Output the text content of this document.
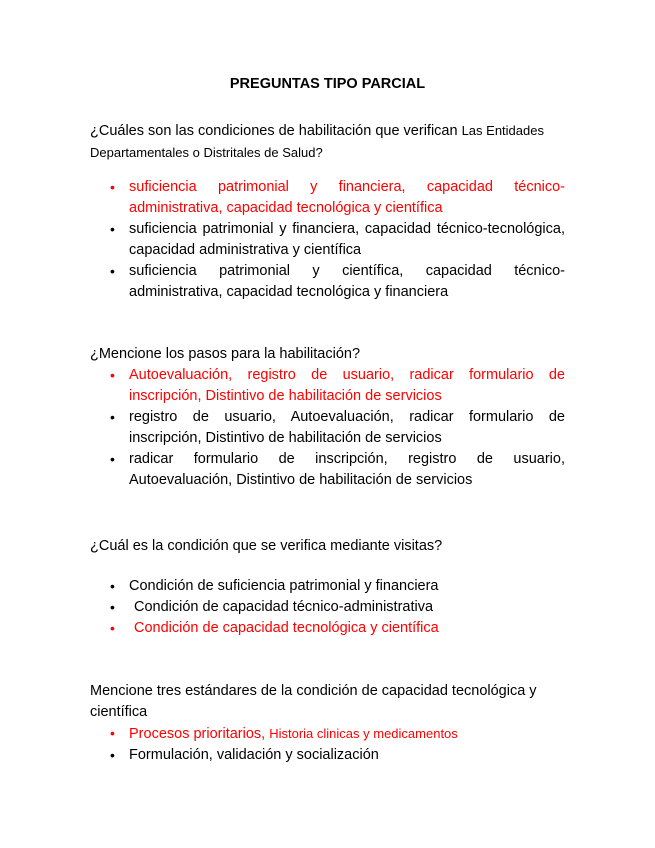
PREGUNTAS TIPO PARCIAL
¿Cuáles son las condiciones de habilitación que verifican Las Entidades Departamentales o Distritales de Salud?
• suficiencia patrimonial y financiera, capacidad técnico-administrativa, capacidad tecnológica y científica
• suficiencia patrimonial y financiera, capacidad técnico-tecnológica, capacidad administrativa y científica
• suficiencia patrimonial y científica, capacidad técnico-administrativa, capacidad tecnológica y financiera
¿Mencione los pasos para la habilitación?
• Autoevaluación, registro de usuario, radicar formulario de inscripción, Distintivo de habilitación de servicios
• registro de usuario, Autoevaluación, radicar formulario de inscripción, Distintivo de habilitación de servicios
• radicar formulario de inscripción, registro de usuario, Autoevaluación, Distintivo de habilitación de servicios
¿Cuál es la condición que se verifica mediante visitas?
• Condición de suficiencia patrimonial y financiera
• Condición de capacidad técnico-administrativa
• Condición de capacidad tecnológica y científica
Mencione tres estándares de la condición de capacidad tecnológica y científica
• Procesos prioritarios, Historia clinicas y medicamentos
• Formulación, validación y socialización
